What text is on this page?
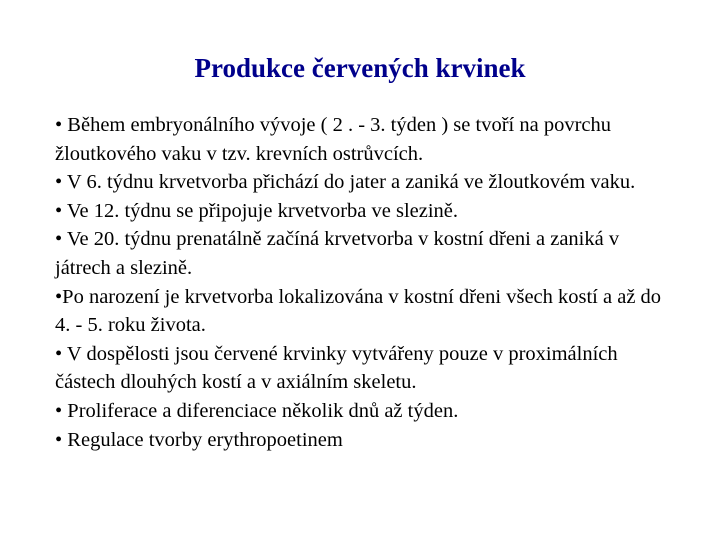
Produkce červených krvinek

• Během embryonálního vývoje ( 2 . - 3. týden ) se tvoří na povrchu žloutkového vaku v tzv. krevních ostrůvcích.

• V 6. týdnu krvetvorba přichází do jater a zaniká ve žloutkovém vaku.

• Ve 12. týdnu se připojuje krvetvorba ve slezině.

• Ve 20. týdnu prenatálně začíná krvetvorba v kostní dřeni a zaniká v játrech a slezině.

•Po narození je krvetvorba lokalizována v kostní dřeni všech kostí a až do 4. - 5. roku života.

• V dospělosti jsou červené krvinky vytvářeny pouze v proximálních částech dlouhých kostí a v axiálním skeletu.

• Proliferace a diferenciace několik dnů až týden.

• Regulace tvorby erythropoetinem
